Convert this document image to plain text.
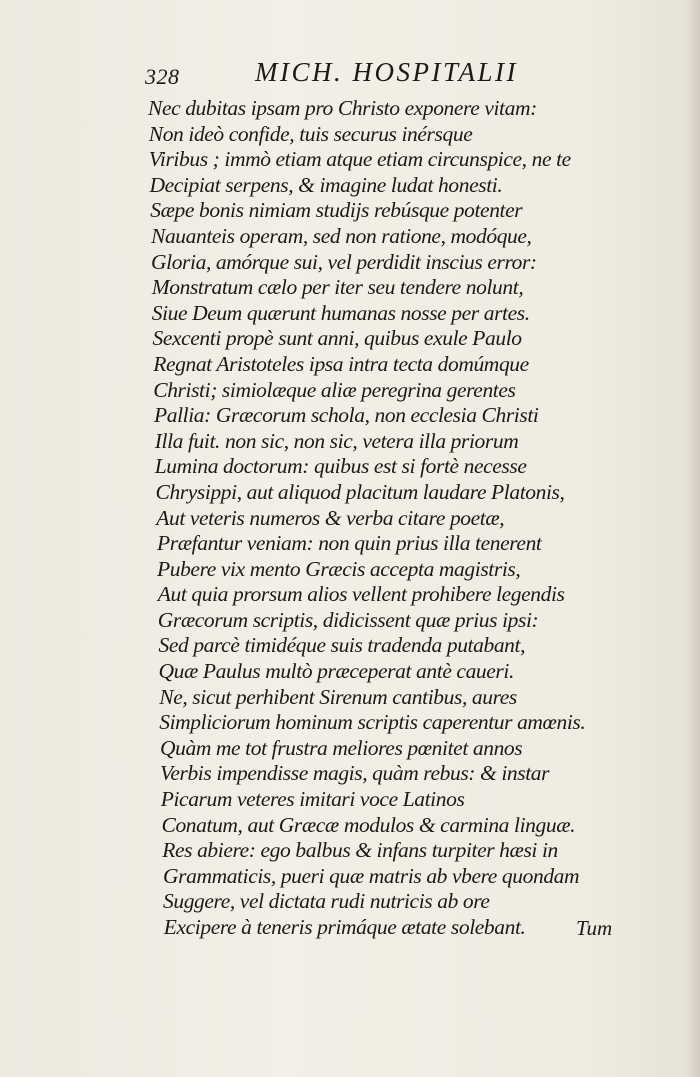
328	MICH. HOSPITALII
Nec dubitas ipsam pro Christo exponere vitam:
Non ideò confide, tuis securus inérsque
Viribus ; immò etiam atque etiam circunspice, ne te
Decipiat serpens, & imagine ludat honesti.
Sæpe bonis nimiam studijs rebúsque potenter
Nauanteis operam, sed non ratione, modóque,
Gloria, amórque sui, vel perdidit inscius error:
Monstratum cælo per iter seu tendere nolunt,
Siue Deum quærunt humanas nosse per artes.
Sexcenti propè sunt anni, quibus exule Paulo
Regnat Aristoteles ipsa intra tecta domúmque
Christi; simiolæque aliæ peregrina gerentes
Pallia: Græcorum schola, non ecclesia Christi
Illa fuit. non sic, non sic, vetera illa priorum
Lumina doctorum: quibus est si fortè necesse
Chrysippi, aut aliquod placitum laudare Platonis,
Aut veteris numeros & verba citare poetæ,
Præfantur veniam: non quin prius illa tenerent
Pubere vix mento Græcis accepta magistris,
Aut quia prorsum alios vellent prohibere legendis
Græcorum scriptis, didicissent quæ prius ipsi:
Sed parcè timidéque suis tradenda putabant,
Quæ Paulus multò præceperat antè caueri.
Ne, sicut perhibent Sirenum cantibus, aures
Simpliciorum hominum scriptis caperentur amœnis.
Quàm me tot frustra meliores pœnitet annos
Verbis impendisse magis, quàm rebus: & instar
Picarum veteres imitari voce Latinos
Conatum, aut Græcæ modulos & carmina linguæ.
Res abiere: ego balbus & infans turpiter hæsi in
Grammaticis, pueri quæ matris ab vbere quondam
Suggere, vel dictata rudi nutricis ab ore
Excipere à teneris primáque ætate solebant.	Tum
